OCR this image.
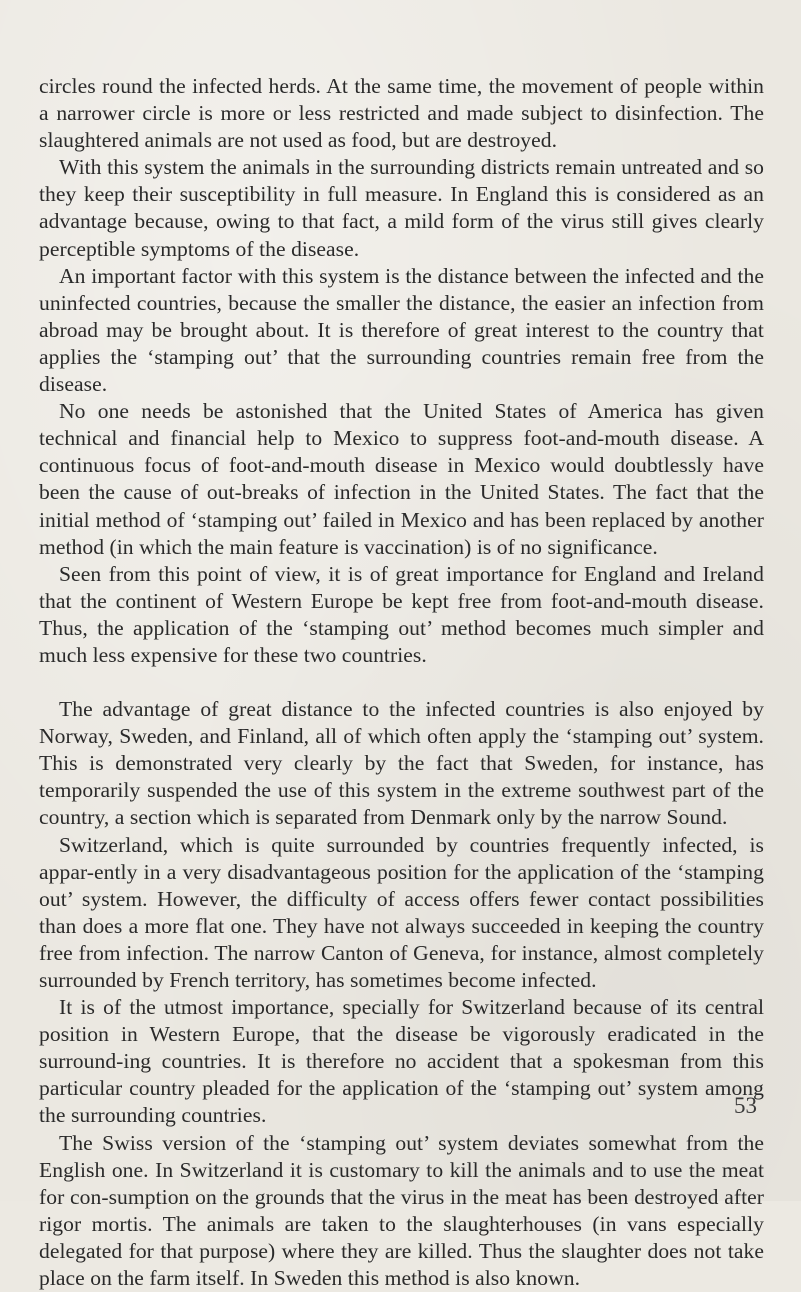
circles round the infected herds. At the same time, the movement of people within a narrower circle is more or less restricted and made subject to disinfection. The slaughtered animals are not used as food, but are destroyed.

With this system the animals in the surrounding districts remain untreated and so they keep their susceptibility in full measure. In England this is considered as an advantage because, owing to that fact, a mild form of the virus still gives clearly perceptible symptoms of the disease.

An important factor with this system is the distance between the infected and the uninfected countries, because the smaller the distance, the easier an infection from abroad may be brought about. It is therefore of great interest to the country that applies the ‘stamping out’ that the surrounding countries remain free from the disease.

No one needs be astonished that the United States of America has given technical and financial help to Mexico to suppress foot-and-mouth disease. A continuous focus of foot-and-mouth disease in Mexico would doubtlessly have been the cause of out-breaks of infection in the United States. The fact that the initial method of ‘stamping out’ failed in Mexico and has been replaced by another method (in which the main feature is vaccination) is of no significance.

Seen from this point of view, it is of great importance for England and Ireland that the continent of Western Europe be kept free from foot-and-mouth disease. Thus, the application of the ‘stamping out’ method becomes much simpler and much less expensive for these two countries.

The advantage of great distance to the infected countries is also enjoyed by Norway, Sweden, and Finland, all of which often apply the ‘stamping out’ system. This is demonstrated very clearly by the fact that Sweden, for instance, has temporarily suspended the use of this system in the extreme southwest part of the country, a section which is separated from Denmark only by the narrow Sound.

Switzerland, which is quite surrounded by countries frequently infected, is appar-ently in a very disadvantageous position for the application of the ‘stamping out’ system. However, the difficulty of access offers fewer contact possibilities than does a more flat one. They have not always succeeded in keeping the country free from infection. The narrow Canton of Geneva, for instance, almost completely surrounded by French territory, has sometimes become infected.

It is of the utmost importance, specially for Switzerland because of its central position in Western Europe, that the disease be vigorously eradicated in the surround-ing countries. It is therefore no accident that a spokesman from this particular country pleaded for the application of the ‘stamping out’ system among the surrounding countries.

The Swiss version of the ‘stamping out’ system deviates somewhat from the English one. In Switzerland it is customary to kill the animals and to use the meat for con-sumption on the grounds that the virus in the meat has been destroyed after rigor mortis. The animals are taken to the slaughterhouses (in vans especially delegated for that purpose) where they are killed. Thus the slaughter does not take place on the farm itself. In Sweden this method is also known.

53
